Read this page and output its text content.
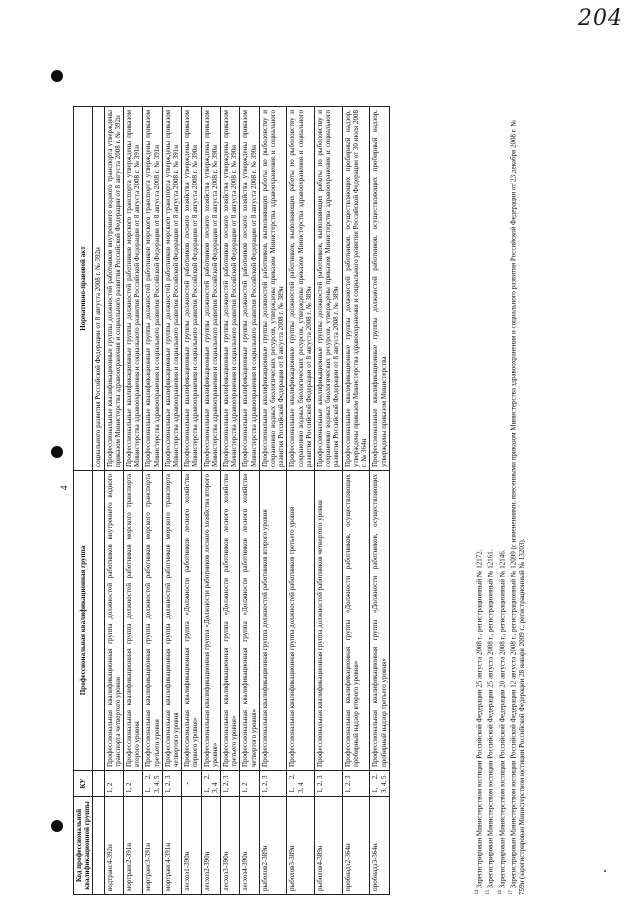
204
4
Код профессиональной квалификационной группы	КУ	Профессиональная квалификационная группа	Нормативно-правовой акт
			социального развития Российской Федерации от 8 августа 2008 г. № 392н
водтранс4-392н	1, 2	Профессиональная квалификационная группа должностей работников внутреннего водного транспорта четвертого уровня	Профессиональные квалификационные группы должностей работников внутреннего водного транспорта утверждены приказом Министерства здравоохранения и социального развития Российской Федерации от 8 августа 2008 г. № 392н
мортранс2-391н	1, 2	Профессиональная квалификационная группа должностей работников морского транспорта второго уровня	Профессиональные квалификационные группы должностей работников морского транспорта утверждены приказом Министерства здравоохранения и социального развития Российской Федерации от 8 августа 2008 г. № 391н
мортранс3-391н	1, 2, 3, 4, 5	Профессиональная квалификационная группа должностей работников морского транспорта третьего уровня	Профессиональные квалификационные группы должностей работников морского транспорта утверждены приказом Министерства здравоохранения и социального развития Российской Федерации от 8 августа 2008 г. № 391н
мортранс4-391н	1, 2, 3	Профессиональная квалификационная группа должностей работников морского транспорта четвертого уровня	Профессиональные квалификационные группы должностей работников морского транспорта утверждены приказом Министерства здравоохранения и социального развития Российской Федерации от 8 августа 2008 г. № 391н
лесхоз1-390н	-	Профессиональная квалификационная группа «Должности работников лесного хозяйства первого уровня»	Профессиональные квалификационные группы должностей работников лесного хозяйства утверждены приказом Министерства здравоохранения и социального развития Российской Федерации от 8 августа 2008 г. № 390н
лесхоз2-390н	1, 2, 3, 4	Профессиональная квалификационная группа «Должности работников лесного хозяйства второго уровня»	Профессиональные квалификационные группы должностей работников лесного хозяйства утверждены приказом Министерства здравоохранения и социального развития Российской Федерации от 8 августа 2008 г. № 390н
лесхоз3-390н	1, 2, 3	Профессиональная квалификационная группа «Должности работников лесного хозяйства третьего уровня»	Профессиональные квалификационные группы должностей работников лесного хозяйства утверждены приказом Министерства здравоохранения и социального развития Российской Федерации от 8 августа 2008 г. № 390н
лесхоз4-390н	1, 2	Профессиональная квалификационная группа «Должности работников лесного хозяйства четвертого уровня»	Профессиональные квалификационные группы должностей работников лесного хозяйства утверждены приказом Министерства здравоохранения и социального развития Российской Федерации от 8 августа 2008 г. № 390н
рыболов2-389н	1, 2, 3	Профессиональная квалификационная группа должностей работников второго уровня	Профессиональные квалификационные группы должностей работников, выполняющих работы по рыболовству и сохранению водных биологических ресурсов, утверждены приказом Министерства здравоохранения и социального развития Российской Федерации от 8 августа 2008 г. № 389н
рыболов3-389н	1, 2, 3, 4	Профессиональная квалификационная группа должностей работников третьего уровня	Профессиональные квалификационные группы должностей работников, выполняющих работы по рыболовству и сохранению водных биологических ресурсов, утверждены приказом Министерства здравоохранения и социального развития Российской Федерации от 8 августа 2008 г. № 389н
рыболов4-389н	1, 2, 3	Профессиональная квалификационная группа должностей работников четвертого уровня	Профессиональные квалификационные группы должностей работников, выполняющих работы по рыболовству и сохранению водных биологических ресурсов, утверждены приказом Министерства здравоохранения и социального развития Российской Федерации от 8 августа 2008 г. № 389н
пробнадз2-364н	1, 2, 3	Профессиональная квалификационная группа «Должности работников, осуществляющих пробирный надзор второго уровня»	Профессиональные квалификационные группы должностей работников, осуществляющих пробирный надзор, утверждены приказом Министерства здравоохранения и социального развития Российской Федерации от 30 июля 2008 г. № 364н
пробнадз3-364н	1, 2, 3, 4, 5	Профессиональная квалификационная группа «Должности работников, осуществляющих пробирный надзор третьего уровня»	Профессиональные квалификационные группы должностей работников, осуществляющих пробирный надзор, утверждены приказом Министерства

$^{14}$ Зарегистрирован Министерством юстиции Российской Федерации 25 августа 2008 г., регистрационный № 12172.

$^{15}$ Зарегистрирован Министерством юстиции Российской Федерации 25 августа 2008 г., регистрационный № 12161.

$^{16}$ Зарегистрирован Министерством юстиции Российской Федерации 20 августа 2008 г., регистрационный № 12146.

$^{17}$ Зарегистрирован Министерством юстиции Российской Федерации 12 августа 2008 г., регистрационный № 12099 (с изменениями, внесенными приказом Министерства здравоохранения и социального развития Российской Федерации от 23 декабря 2008 г. № 759н (зарегистрирован Министерством юстиции Российской Федерации 28 января 2009 г., регистрационный № 13203).
